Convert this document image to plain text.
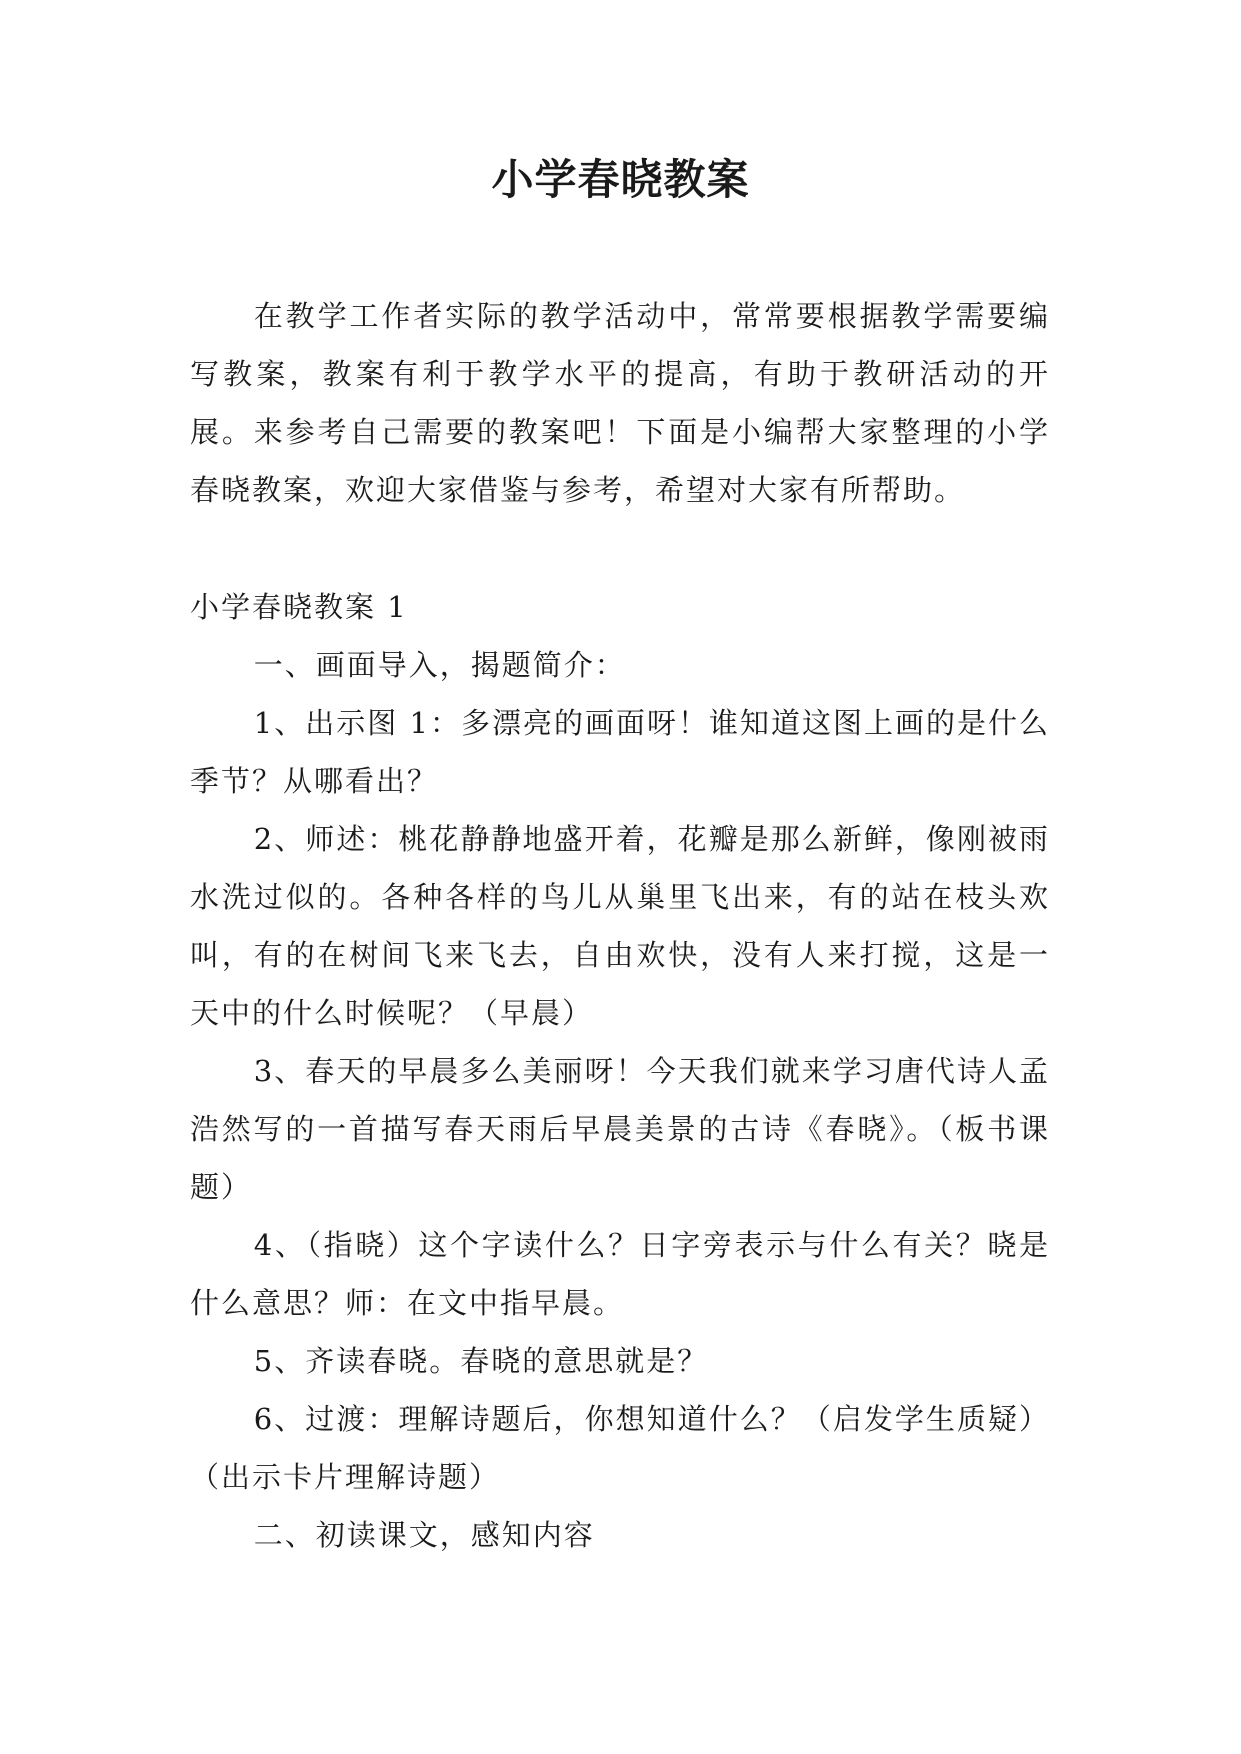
小学春晓教案

在教学工作者实际的教学活动中，常常要根据教学需要编写教案，教案有利于教学水平的提高，有助于教研活动的开展。来参考自己需要的教案吧！下面是小编帮大家整理的小学春晓教案，欢迎大家借鉴与参考，希望对大家有所帮助。

小学春晓教案 1

一、画面导入，揭题简介：

1、出示图 1：多漂亮的画面呀！谁知道这图上画的是什么季节？从哪看出？

2、师述：桃花静静地盛开着，花瓣是那么新鲜，像刚被雨水洗过似的。各种各样的鸟儿从巢里飞出来，有的站在枝头欢叫，有的在树间飞来飞去，自由欢快，没有人来打搅，这是一天中的什么时候呢？（早晨）

3、春天的早晨多么美丽呀！今天我们就来学习唐代诗人孟浩然写的一首描写春天雨后早晨美景的古诗《春晓》。（板书课题）

4、（指晓）这个字读什么？日字旁表示与什么有关？晓是什么意思？师：在文中指早晨。

5、齐读春晓。春晓的意思就是？

6、过渡：理解诗题后，你想知道什么？（启发学生质疑）（出示卡片理解诗题）

二、初读课文，感知内容
